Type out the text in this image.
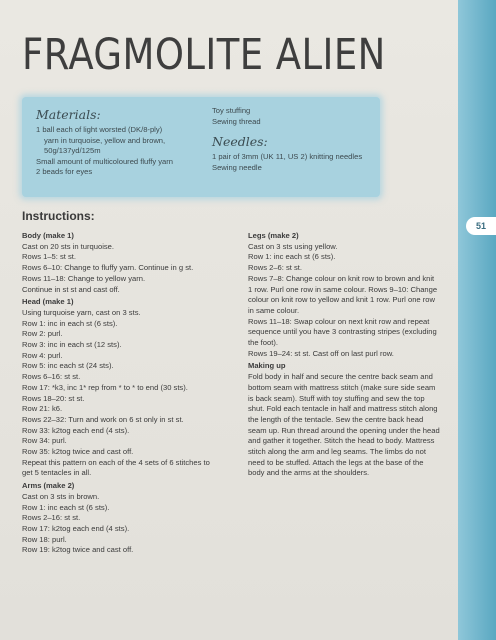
51
FRAGMOLITE ALIEN
Materials:

1 ball each of light worsted (DK/8-ply)

yarn in turquoise, yellow and brown,

50g/137yd/125m

Small amount of multicoloured fluffy yarn

2 beads for eyes

Toy stuffing

Sewing thread

Needles:

1 pair of 3mm (UK 11, US 2) knitting needles

Sewing needle

Instructions:

Body (make 1)

Cast on 20 sts in turquoise.

Rows 1–5: st st.

Rows 6–10: Change to fluffy yarn. Continue in g st.

Rows 11–18: Change to yellow yarn.

Continue in st st and cast off.

Head (make 1)

Using turquoise yarn, cast on 3 sts.

Row 1: inc in each st (6 sts).

Row 2: purl.

Row 3: inc in each st (12 sts).

Row 4: purl.

Row 5: inc each st (24 sts).

Rows 6–16: st st.

Row 17: *k3, inc 1* rep from * to * to end (30 sts).

Rows 18–20: st st.

Row 21: k6.

Rows 22–32: Turn and work on 6 st only in st st.

Row 33: k2tog each end (4 sts).

Row 34: purl.

Row 35: k2tog twice and cast off.

Repeat this pattern on each of the 4 sets of 6 stitches to

get 5 tentacles in all.

Arms (make 2)

Cast on 3 sts in brown.

Row 1: inc each st (6 sts).

Rows 2–16: st st.

Row 17: k2tog each end (4 sts).

Row 18: purl.

Row 19: k2tog twice and cast off.

Legs (make 2)

Cast on 3 sts using yellow.

Row 1: inc each st (6 sts).

Rows 2–6: st st.

Rows 7–8: Change colour on knit row to brown and knit

1 row. Purl one row in same colour. Rows 9–10: Change

colour on knit row to yellow and knit 1 row. Purl one row

in same colour.

Rows 11–18: Swap colour on next knit row and repeat

sequence until you have 3 contrasting stripes (excluding

the foot).

Rows 19–24: st st. Cast off on last purl row.

Making up

Fold body in half and secure the centre back seam and

bottom seam with mattress stitch (make sure side seam

is back seam). Stuff with toy stuffing and sew the top

shut. Fold each tentacle in half and mattress stitch along

the length of the tentacle. Sew the centre back head

seam up. Run thread around the opening under the head

and gather it together. Stitch the head to body. Mattress

stitch along the arm and leg seams. The limbs do not

need to be stuffed. Attach the legs at the base of the

body and the arms at the shoulders.
